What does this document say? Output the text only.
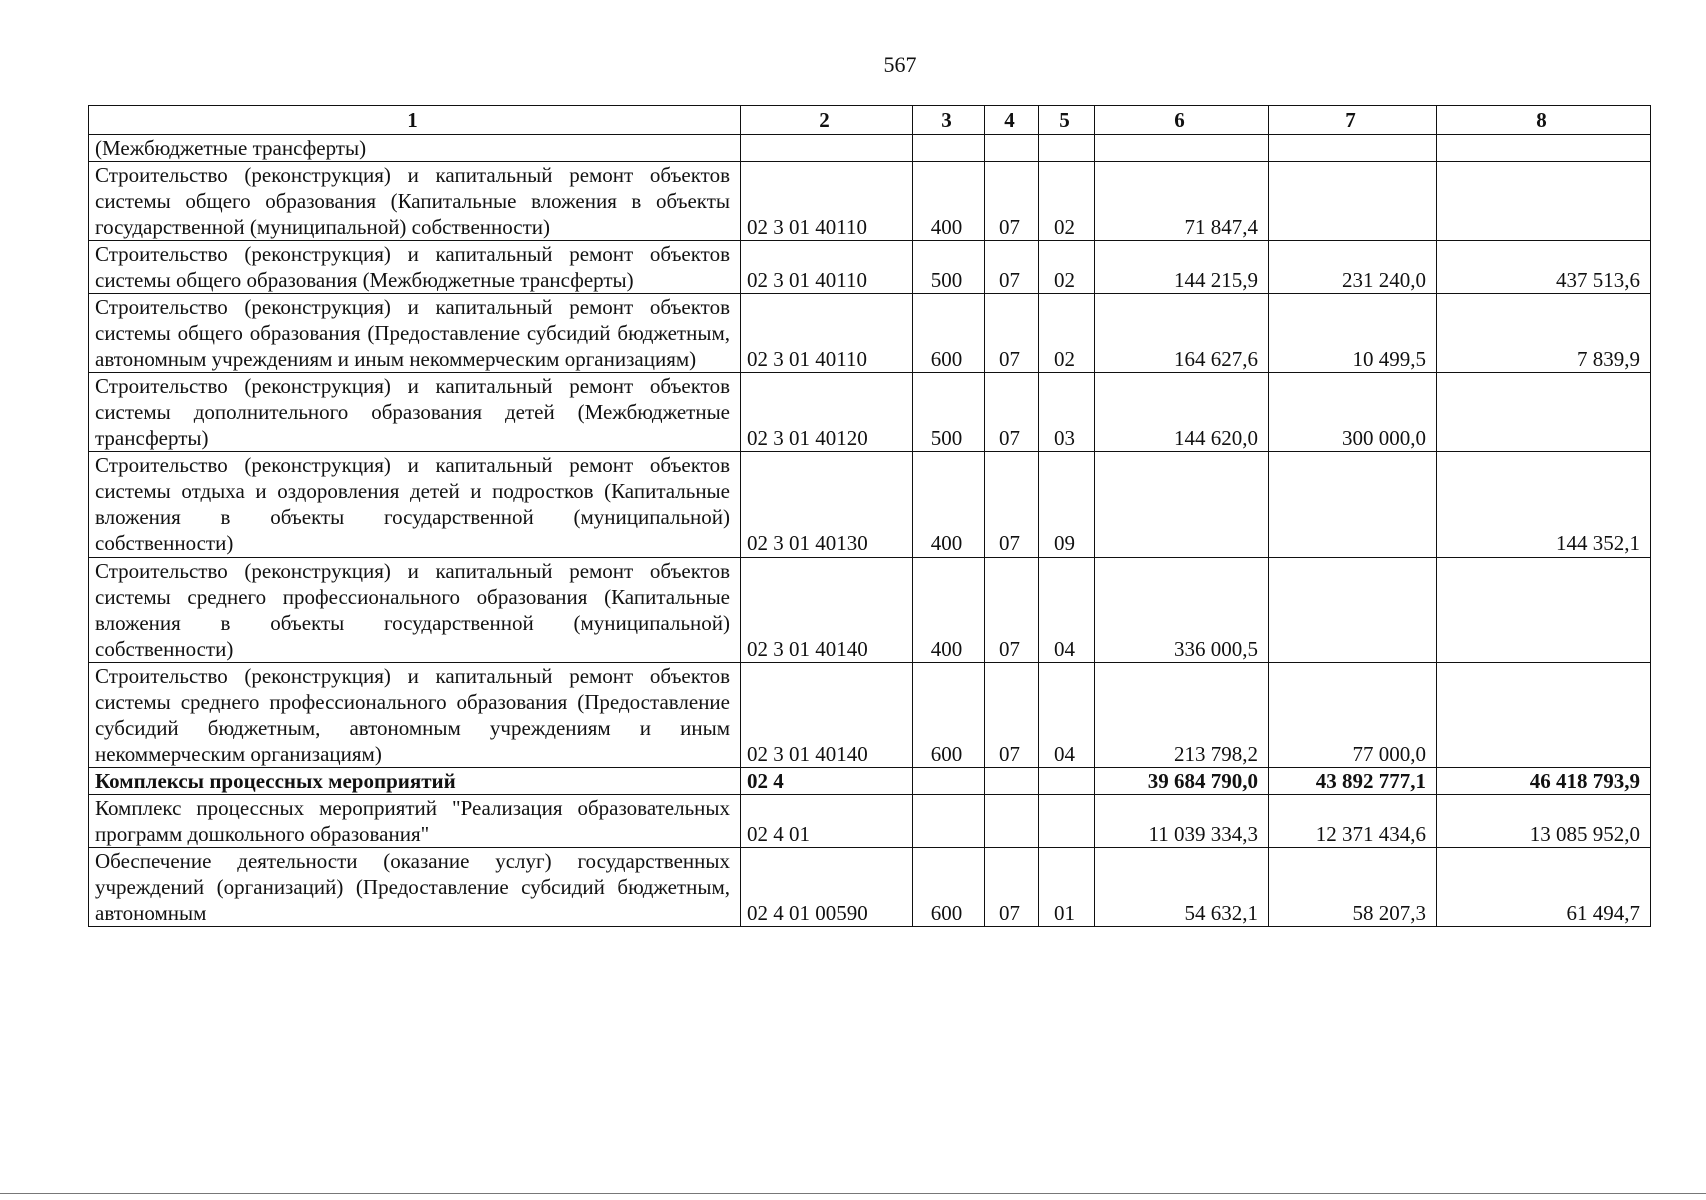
567
1	2	3	4	5	6	7	8
(Межбюджетные трансферты)							
Строительство (реконструкция) и капитальный ремонт объектов системы общего образования (Капитальные вложения в объекты государственной (муниципальной) собственности)	02 3 01 40110	400	07	02	71 847,4		
Строительство (реконструкция) и капитальный ремонт объектов системы общего образования (Межбюджетные трансферты)	02 3 01 40110	500	07	02	144 215,9	231 240,0	437 513,6
Строительство (реконструкция) и капитальный ремонт объектов системы общего образования (Предоставление субсидий бюджетным, автономным учреждениям и иным некоммерческим организациям)	02 3 01 40110	600	07	02	164 627,6	10 499,5	7 839,9
Строительство (реконструкция) и капитальный ремонт объектов системы дополнительного образования детей (Межбюджетные трансферты)	02 3 01 40120	500	07	03	144 620,0	300 000,0	
Строительство (реконструкция) и капитальный ремонт объектов системы отдыха и оздоровления детей и подростков (Капитальные вложения в объекты государственной (муниципальной) собственности)	02 3 01 40130	400	07	09			144 352,1
Строительство (реконструкция) и капитальный ремонт объектов системы среднего профессионального образования (Капитальные вложения в объекты государственной (муниципальной) собственности)	02 3 01 40140	400	07	04	336 000,5		
Строительство (реконструкция) и капитальный ремонт объектов системы среднего профессионального образования (Предоставление субсидий бюджетным, автономным учреждениям и иным некоммерческим организациям)	02 3 01 40140	600	07	04	213 798,2	77 000,0	
Комплексы процессных мероприятий	02 4				39 684 790,0	43 892 777,1	46 418 793,9
Комплекс процессных мероприятий "Реализация образовательных программ дошкольного образования"	02 4 01				11 039 334,3	12 371 434,6	13 085 952,0
Обеспечение деятельности (оказание услуг) государственных учреждений (организаций) (Предоставление субсидий бюджетным, автономным	02 4 01 00590	600	07	01	54 632,1	58 207,3	61 494,7
